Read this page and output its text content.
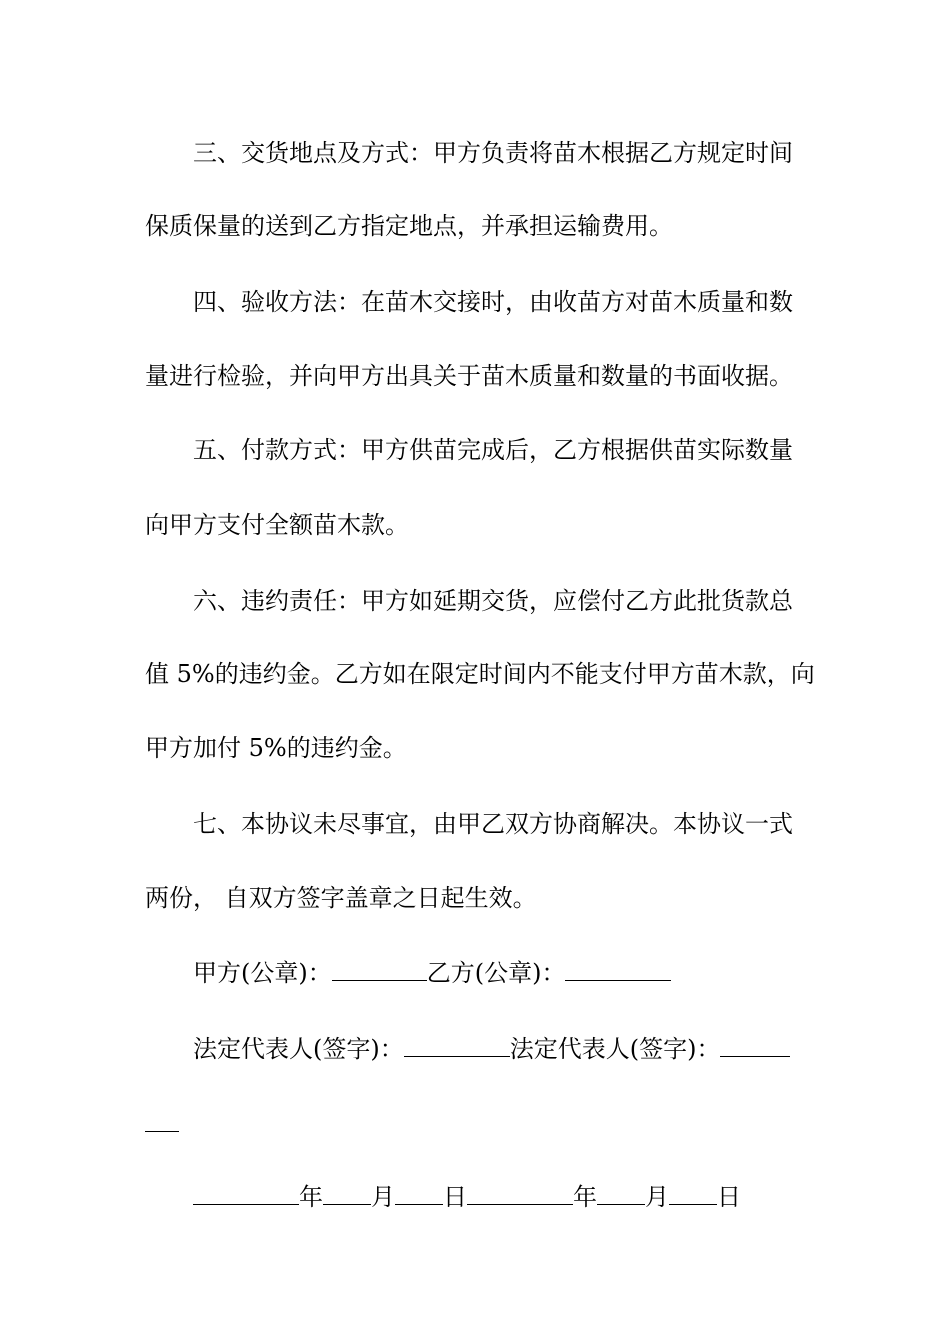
三、交货地点及方式：甲方负责将苗木根据乙方规定时间
保质保量的送到乙方指定地点，并承担运输费用。
四、验收方法：在苗木交接时，由收苗方对苗木质量和数
量进行检验，并向甲方出具关于苗木质量和数量的书面收据。
五、付款方式：甲方供苗完成后，乙方根据供苗实际数量
向甲方支付全额苗木款。
六、违约责任：甲方如延期交货，应偿付乙方此批货款总
值 5%的违约金。乙方如在限定时间内不能支付甲方苗木款，向
甲方加付 5%的违约金。
七、本协议未尽事宜，由甲乙双方协商解决。本协议一式
两份， 自双方签字盖章之日起生效。
甲方(公章)：	乙方(公章)：
法定代表人(签字)：	法定代表人(签字)：
年 月 日	年 月 日
